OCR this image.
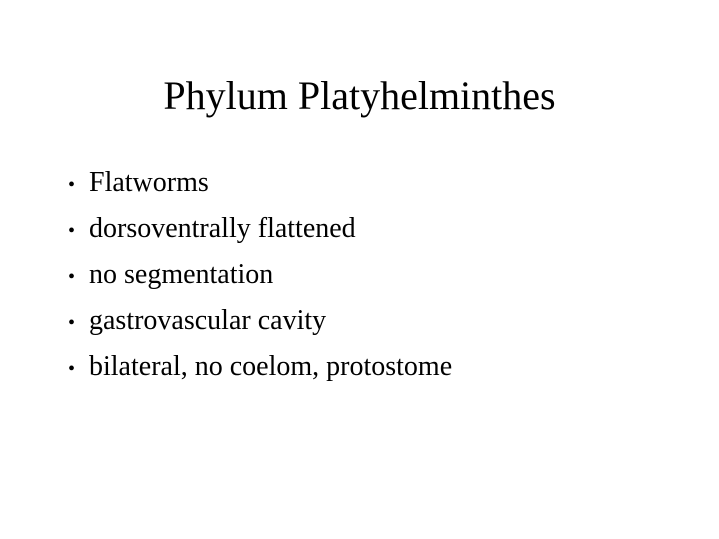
Phylum Platyhelminthes
• Flatworms
• dorsoventrally flattened
• no segmentation
• gastrovascular cavity
• bilateral, no coelom, protostome
